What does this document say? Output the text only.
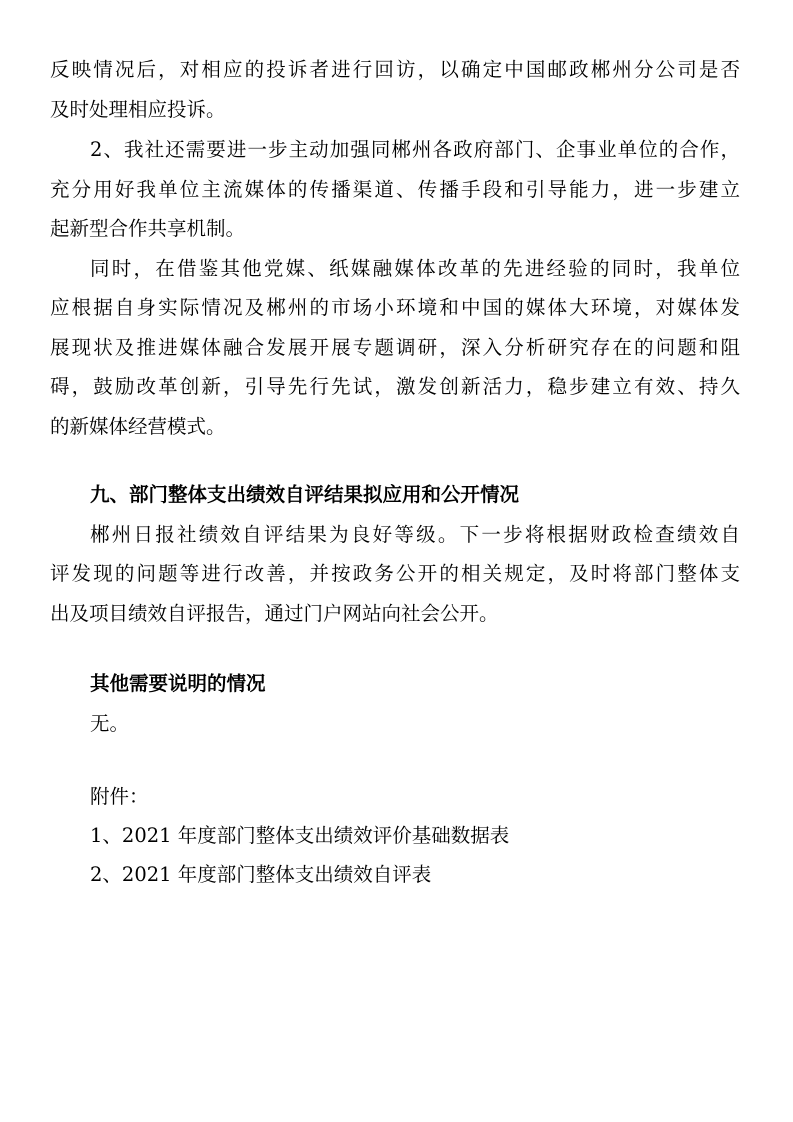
反映情况后，对相应的投诉者进行回访，以确定中国邮政郴州分公司是否
及时处理相应投诉。
2、我社还需要进一步主动加强同郴州各政府部门、企事业单位的合作，
充分用好我单位主流媒体的传播渠道、传播手段和引导能力，进一步建立
起新型合作共享机制。
同时，在借鉴其他党媒、纸媒融媒体改革的先进经验的同时，我单位
应根据自身实际情况及郴州的市场小环境和中国的媒体大环境，对媒体发
展现状及推进媒体融合发展开展专题调研，深入分析研究存在的问题和阻
碍，鼓励改革创新，引导先行先试，激发创新活力，稳步建立有效、持久
的新媒体经营模式。
九、部门整体支出绩效自评结果拟应用和公开情况
郴州日报社绩效自评结果为良好等级。下一步将根据财政检查绩效自
评发现的问题等进行改善，并按政务公开的相关规定，及时将部门整体支
出及项目绩效自评报告，通过门户网站向社会公开。
其他需要说明的情况
无。
附件：
1、2021 年度部门整体支出绩效评价基础数据表
2、2021 年度部门整体支出绩效自评表
